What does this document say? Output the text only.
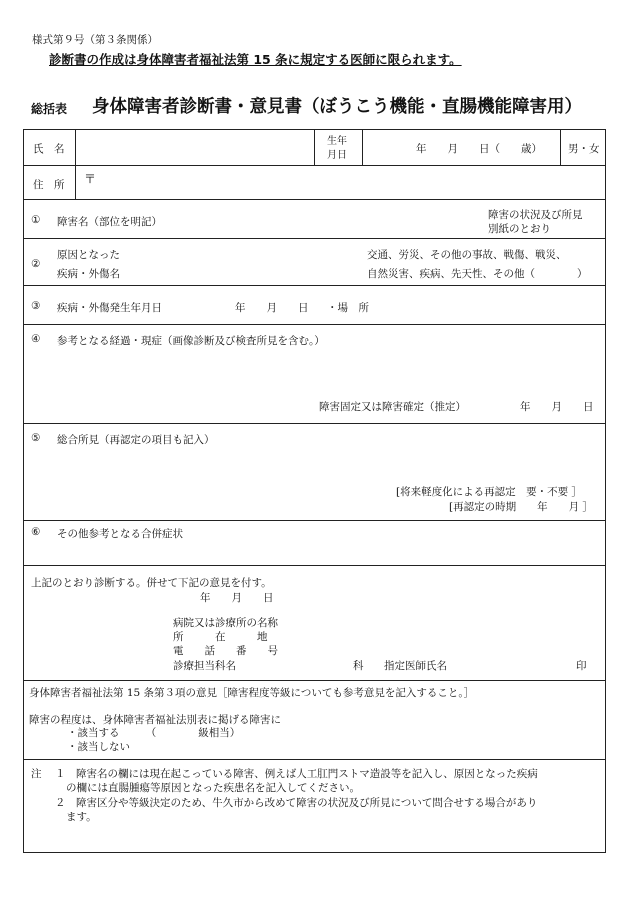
様式第９号（第３条関係）
診断書の作成は身体障害者福祉法第 15 条に規定する医師に限られます。
総括表 身体障害者診断書・意見書（ぼうこう機能・直腸機能障害用）
氏　名
生年
月日
年　　月　　日（　　歳） 男・女
住　所 〒
① 障害名（部位を明記）
障害の状況及び所見
別紙のとおり
②
原因となった
疾病・外傷名
交通、労災、その他の事故、戦傷、戦災、
自然災害、疾病、先天性、その他（　　　　）
③ 疾病・外傷発生年月日	年　　月　　日 ・場　所
④ 参考となる経過・現症（画像診断及び検査所見を含む。）
障害固定又は障害確定（推定）	年　　月　　日
⑤ 総合所見（再認定の項目も記入）
[将来軽度化による再認定　要・不要 ］
[再認定の時期　　年　　月 ］
⑥ その他参考となる合併症状
上記のとおり診断する。併せて下記の意見を付す。
年　　月　　日
病院又は診療所の名称
所　　　在　　　地
電　　話　　番　　号
診療担当科名	科 指定医師氏名	印
身体障害者福祉法第 15 条第３項の意見［障害程度等級についても参考意見を記入すること。］
障害の程度は、身体障害者福祉法別表に掲げる障害に
・該当する　　　（　　　　級相当）
・該当しない
注 １ 障害名の欄には現在起こっている障害、例えば人工肛門ストマ造設等を記入し、原因となった疾病
の欄には直腸腫瘍等原因となった疾患名を記入してください。
２ 障害区分や等級決定のため、牛久市から改めて障害の状況及び所見について問合せする場合があり
ます。
